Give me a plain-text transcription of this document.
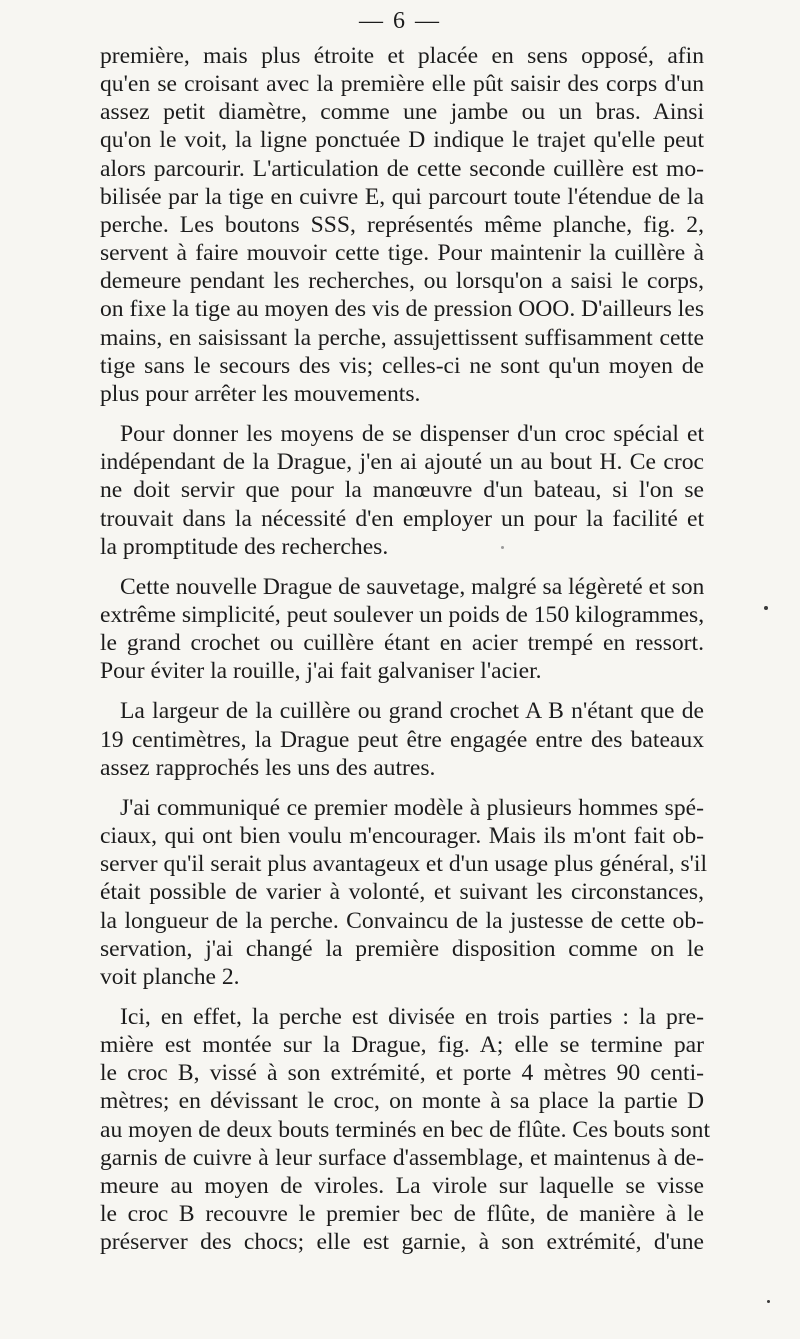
— 6 —

première, mais plus étroite et placée en sens opposé, afin
qu'en se croisant avec la première elle pût saisir des corps d'un
assez petit diamètre, comme une jambe ou un bras. Ainsi
qu'on le voit, la ligne ponctuée D indique le trajet qu'elle peut
alors parcourir. L'articulation de cette seconde cuillère est mo-
bilisée par la tige en cuivre E, qui parcourt toute l'étendue de la
perche. Les boutons SSS, représentés même planche, fig. 2,
servent à faire mouvoir cette tige. Pour maintenir la cuillère à
demeure pendant les recherches, ou lorsqu'on a saisi le corps,
on fixe la tige au moyen des vis de pression OOO. D'ailleurs les
mains, en saisissant la perche, assujettissent suffisamment cette
tige sans le secours des vis; celles-ci ne sont qu'un moyen de
plus pour arrêter les mouvements.

Pour donner les moyens de se dispenser d'un croc spécial et
indépendant de la Drague, j'en ai ajouté un au bout H. Ce croc
ne doit servir que pour la manœuvre d'un bateau, si l'on se
trouvait dans la nécessité d'en employer un pour la facilité et
la promptitude des recherches.

Cette nouvelle Drague de sauvetage, malgré sa légèreté et son
extrême simplicité, peut soulever un poids de 150 kilogrammes,
le grand crochet ou cuillère étant en acier trempé en ressort.
Pour éviter la rouille, j'ai fait galvaniser l'acier.

La largeur de la cuillère ou grand crochet A B n'étant que de
19 centimètres, la Drague peut être engagée entre des bateaux
assez rapprochés les uns des autres.

J'ai communiqué ce premier modèle à plusieurs hommes spé-
ciaux, qui ont bien voulu m'encourager. Mais ils m'ont fait ob-
server qu'il serait plus avantageux et d'un usage plus général, s'il
était possible de varier à volonté, et suivant les circonstances,
la longueur de la perche. Convaincu de la justesse de cette ob-
servation, j'ai changé la première disposition comme on le
voit planche 2.

Ici, en effet, la perche est divisée en trois parties : la pre-
mière est montée sur la Drague, fig. A; elle se termine par
le croc B, vissé à son extrémité, et porte 4 mètres 90 centi-
mètres; en dévissant le croc, on monte à sa place la partie D
au moyen de deux bouts terminés en bec de flûte. Ces bouts sont
garnis de cuivre à leur surface d'assemblage, et maintenus à de-
meure au moyen de viroles. La virole sur laquelle se visse
le croc B recouvre le premier bec de flûte, de manière à le
préserver des chocs; elle est garnie, à son extrémité, d'une
